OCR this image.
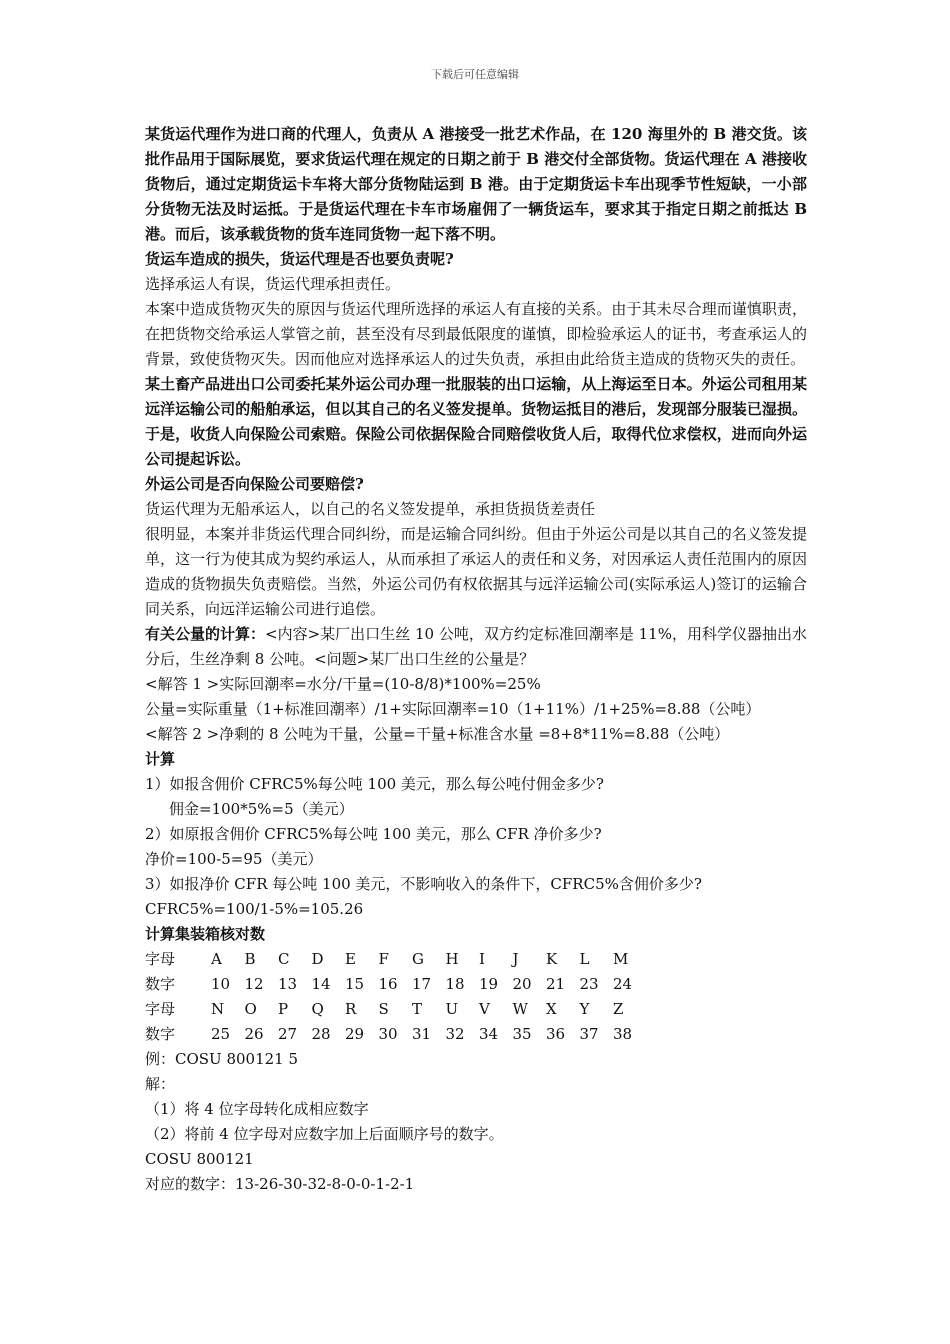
下载后可任意编辑

某货运代理作为进口商的代理人，负责从 A 港接受一批艺术作品，在 120 海里外的 B 港交货。该批作品用于国际展览，要求货运代理在规定的日期之前于 B 港交付全部货物。货运代理在 A 港接收货物后，通过定期货运卡车将大部分货物陆运到 B 港。由于定期货运卡车出现季节性短缺，一小部分货物无法及时运抵。于是货运代理在卡车市场雇佣了一辆货运车，要求其于指定日期之前抵达 B 港。而后，该承载货物的货车连同货物一起下落不明。

货运车造成的损失，货运代理是否也要负责呢?

选择承运人有误，货运代理承担责任。

本案中造成货物灭失的原因与货运代理所选择的承运人有直接的关系。由于其未尽合理而谨慎职责，在把货物交给承运人掌管之前，甚至没有尽到最低限度的谨慎，即检验承运人的证书，考查承运人的背景，致使货物灭失。因而他应对选择承运人的过失负责，承担由此给货主造成的货物灭失的责任。

某土畜产品进出口公司委托某外运公司办理一批服装的出口运输，从上海运至日本。外运公司租用某远洋运输公司的船舶承运，但以其自己的名义签发提单。货物运抵目的港后，发现部分服装已湿损。于是，收货人向保险公司索赔。保险公司依据保险合同赔偿收货人后，取得代位求偿权，进而向外运公司提起诉讼。

外运公司是否向保险公司要赔偿?

货运代理为无船承运人，以自己的名义签发提单，承担货损货差责任

很明显，本案并非货运代理合同纠纷，而是运输合同纠纷。但由于外运公司是以其自己的名义签发提单，这一行为使其成为契约承运人，从而承担了承运人的责任和义务，对因承运人责任范围内的原因造成的货物损失负责赔偿。当然，外运公司仍有权依据其与远洋运输公司(实际承运人)签订的运输合同关系，向远洋运输公司进行追偿。

有关公量的计算：<内容>某厂出口生丝 10 公吨，双方约定标准回潮率是 11%，用科学仪器抽出水分后，生丝净剩 8 公吨。<问题>某厂出口生丝的公量是？

<解答 1 >实际回潮率=水分/干量=(10-8/8)*100%=25%

公量=实际重量（1+标准回潮率）/1+实际回潮率=10（1+11%）/1+25%=8.88（公吨）

<解答 2 >净剩的 8 公吨为干量，公量=干量+标准含水量 =8+8*11%=8.88（公吨）

计算

1）如报含佣价 CFRC5%每公吨 100 美元，那么每公吨付佣金多少?

佣金=100*5%=5（美元）

2）如原报含佣价 CFRC5%每公吨 100 美元，那么 CFR 净价多少?

净价=100-5=95（美元）

3）如报净价 CFR 每公吨 100 美元，不影响收入的条件下，CFRC5%含佣价多少?

CFRC5%=100/1-5%=105.26

计算集装箱核对数

字母	A	B	C	D	E	F	G	H	I	J	K	L	M
数字	10 12 13 14 15 16 17 18 19 20 21 23 24
字母	N	O	P	Q	R	S	T	U	V	W	X	Y	Z
数字	25 26 27 28 29 30 31 32 34 35 36 37 38

例：COSU 800121 5

解：

（1）将 4 位字母转化成相应数字

（2）将前 4 位字母对应数字加上后面顺序号的数字。

COSU 800121

对应的数字：13-26-30-32-8-0-0-1-2-1
